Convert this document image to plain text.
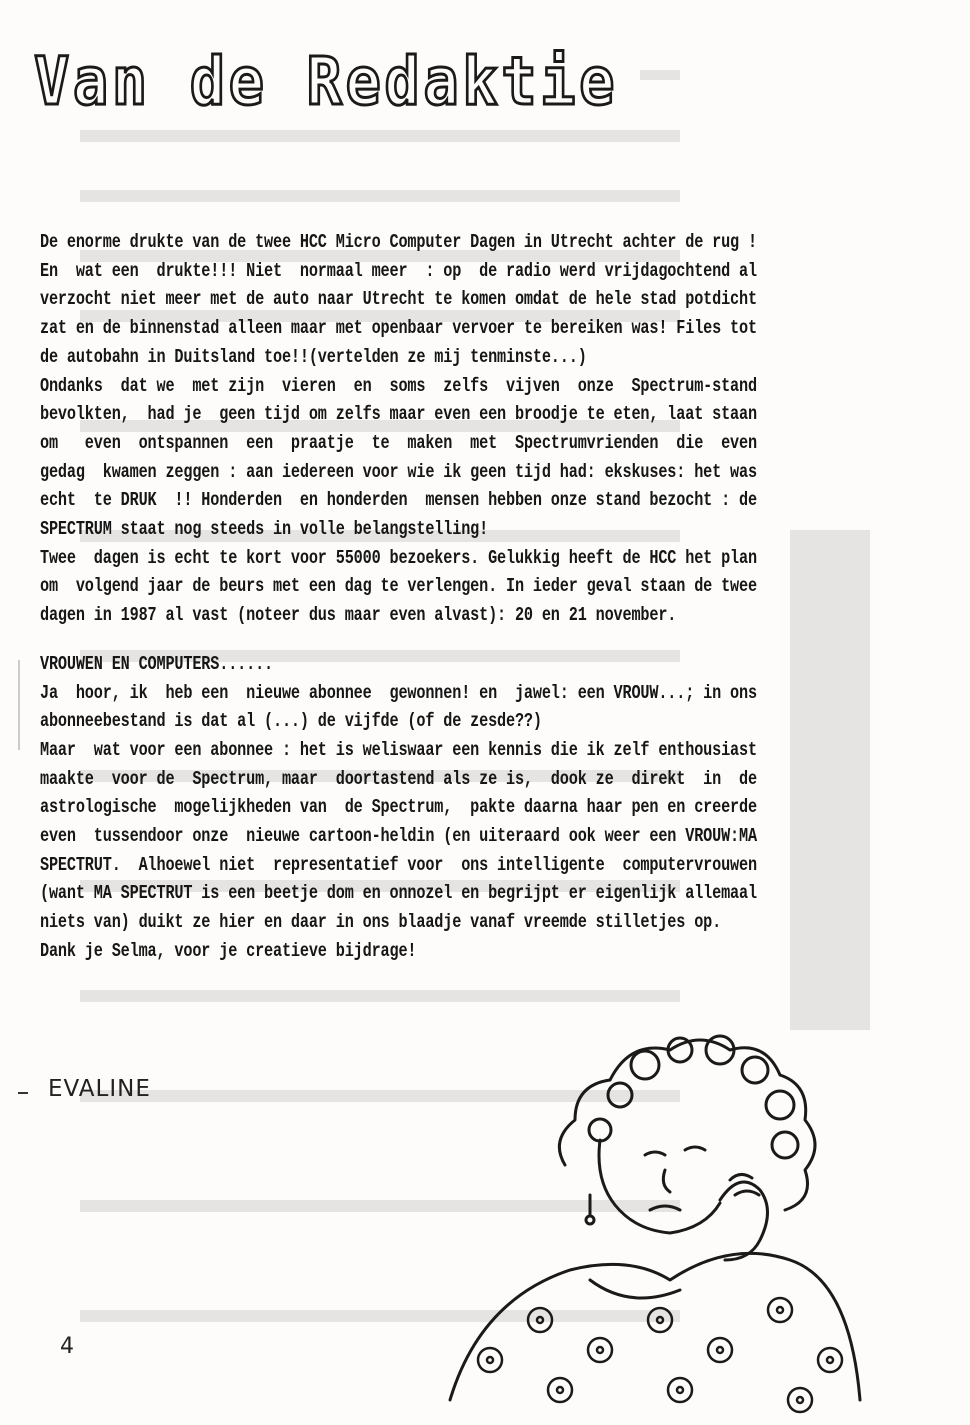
Van de Redaktie

De enorme drukte van de twee HCC Micro Computer Dagen in Utrecht achter de rug !

En  wat een  drukte!!! Niet  normaal meer  : op  de radio werd vrijdagochtend al

verzocht niet meer met de auto naar Utrecht te komen omdat de hele stad potdicht

zat en de binnenstad alleen maar met openbaar vervoer te bereiken was! Files tot

de autobahn in Duitsland toe!!(vertelden ze mij tenminste...)

Ondanks  dat we  met zijn  vieren  en  soms  zelfs  vijven  onze  Spectrum-stand

bevolkten,  had je  geen tijd om zelfs maar even een broodje te eten, laat staan

om   even  ontspannen  een  praatje  te  maken  met  Spectrumvrienden  die  even

gedag  kwamen zeggen : aan iedereen voor wie ik geen tijd had: ekskuses: het was

echt  te DRUK  !! Honderden  en honderden  mensen hebben onze stand bezocht : de

SPECTRUM staat nog steeds in volle belangstelling!

Twee  dagen is echt te kort voor 55000 bezoekers. Gelukkig heeft de HCC het plan

om  volgend jaar de beurs met een dag te verlengen. In ieder geval staan de twee

dagen in 1987 al vast (noteer dus maar even alvast): 20 en 21 november.

VROUWEN EN COMPUTERS......

Ja  hoor, ik  heb een  nieuwe abonnee  gewonnen! en  jawel: een VROUW...; in ons

abonneebestand is dat al (...) de vijfde (of de zesde??)

Maar  wat voor een abonnee : het is weliswaar een kennis die ik zelf enthousiast

maakte  voor de  Spectrum, maar  doortastend als ze is,  dook ze  direkt  in  de

astrologische  mogelijkheden van  de Spectrum,  pakte daarna haar pen en creerde

even  tussendoor onze  nieuwe cartoon-heldin (en uiteraard ook weer een VROUW:MA

SPECTRUT.  Alhoewel niet  representatief voor  ons intelligente  computervrouwen

(want MA SPECTRUT is een beetje dom en onnozel en begrijpt er eigenlijk allemaal

niets van) duikt ze hier en daar in ons blaadje vanaf vreemde stilletjes op.

Dank je Selma, voor je creatieve bijdrage!

EVALINE
4
